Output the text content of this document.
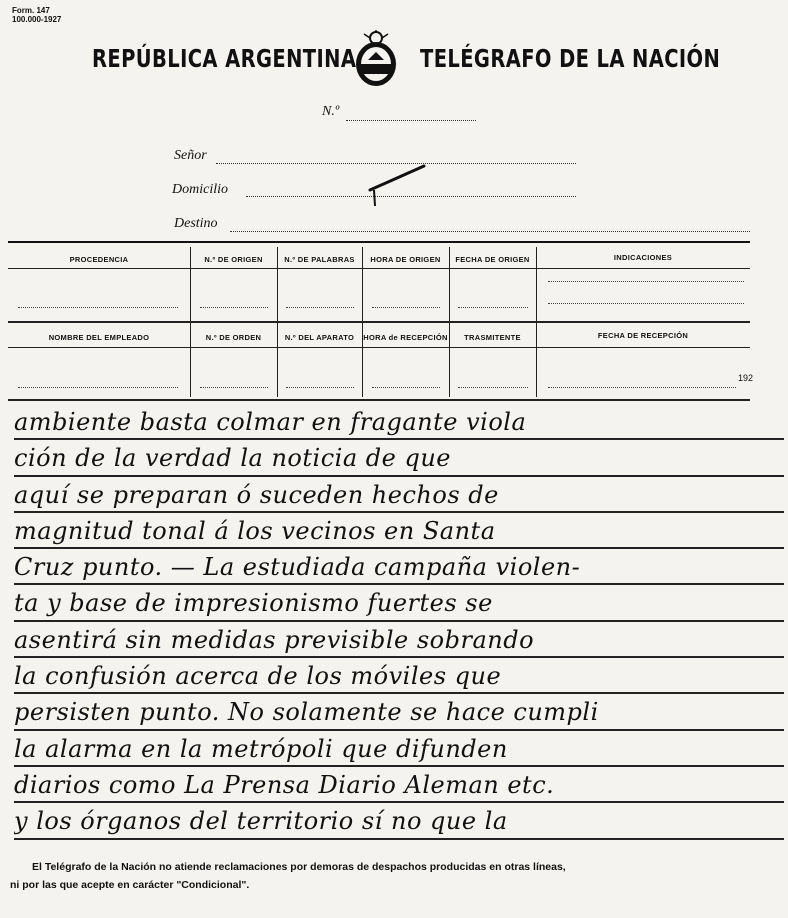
Form. 147
100.000-1927
REPÚBLICA ARGENTINA	TELÉGRAFO DE LA NACIÓN
N.º
Señor
Domicilio
Destino
PROCEDENCIA	N.º DE ORIGEN	N.º DE PALABRAS	HORA DE ORIGEN	FECHA DE ORIGEN	INDICACIONES
NOMBRE DEL EMPLEADO	N.º DE ORDEN	N.º DEL APARATO	HORA de RECEPCIÓN	TRASMITENTE	FECHA DE RECEPCIÓN
192
ambiente basta colmar en fragante viola
ción de la verdad la noticia de que
aquí se preparan ó suceden hechos de
magnitud tonal á los vecinos en Santa
Cruz punto. — La estudiada campaña violen-
ta y base de impresionismo fuertes se
asentirá sin medidas previsible sobrando
la confusión acerca de los móviles que
persisten punto. No solamente se hace cumpli
la alarma en la metrópoli que difunden
diarios como La Prensa Diario Aleman etc.
y los órganos del territorio sí no que la
El Telégrafo de la Nación no atiende reclamaciones por demoras de despachos producidas en otras líneas,
ni por las que acepte en carácter "Condicional".
